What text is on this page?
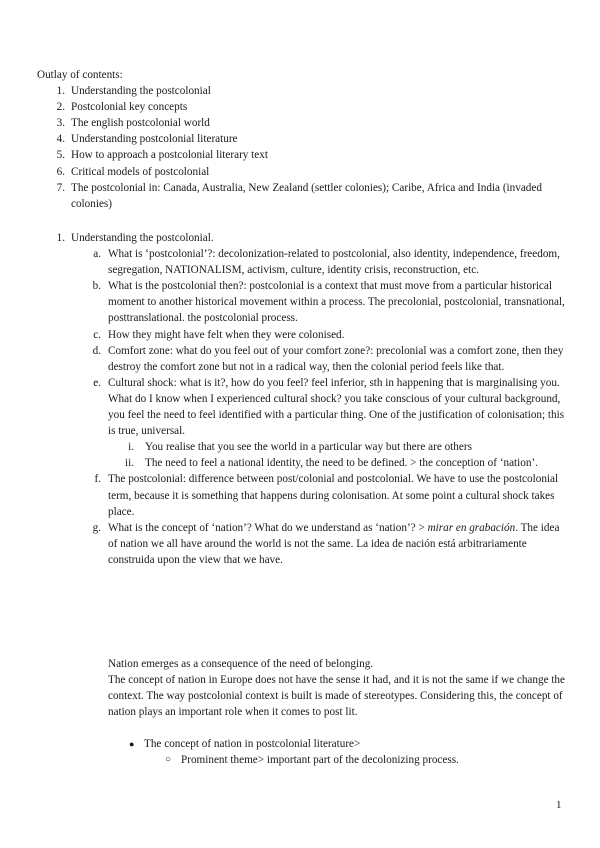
Outlay of contents:
1. Understanding the postcolonial
2. Postcolonial key concepts
3. The english postcolonial world
4. Understanding postcolonial literature
5. How to approach a postcolonial literary text
6. Critical models of postcolonial
7. The postcolonial in: Canada, Australia, New Zealand (settler colonies); Caribe, Africa and India (invaded colonies)
1. Understanding the postcolonial.
a. What is ‘postcolonial’?: decolonization-related to postcolonial, also identity, independence, freedom, segregation, NATIONALISM, activism, culture, identity crisis, reconstruction, etc.
b. What is the postcolonial then?: postcolonial is a context that must move from a particular historical moment to another historical movement within a process. The precolonial, postcolonial, transnational, posttranslational. the postcolonial process.
c. How they might have felt when they were colonised.
d. Comfort zone: what do you feel out of your comfort zone?: precolonial was a comfort zone, then they destroy the comfort zone but not in a radical way, then the colonial period feels like that.
e. Cultural shock: what is it?, how do you feel? feel inferior, sth in happening that is marginalising you. What do I know when I experienced cultural shock? you take conscious of your cultural background, you feel the need to feel identified with a particular thing. One of the justification of colonisation; this is true, universal.
i. You realise that you see the world in a particular way but there are others
ii. The need to feel a national identity, the need to be defined. > the conception of ‘nation’.
f. The postcolonial: difference between post/colonial and postcolonial. We have to use the postcolonial term, because it is something that happens during colonisation. At some point a cultural shock takes place.
g. What is the concept of ‘nation’? What do we understand as ‘nation’? > mirar en grabación. The idea of nation we all have around the world is not the same. La idea de nación está arbitrariamente construida upon the view that we have.
Nation emerges as a consequence of the need of belonging.
The concept of nation in Europe does not have the sense it had, and it is not the same if we change the context. The way postcolonial context is built is made of stereotypes. Considering this, the concept of nation plays an important role when it comes to post lit.
● The concept of nation in postcolonial literature>
○ Prominent theme> important part of the decolonizing process.
1
